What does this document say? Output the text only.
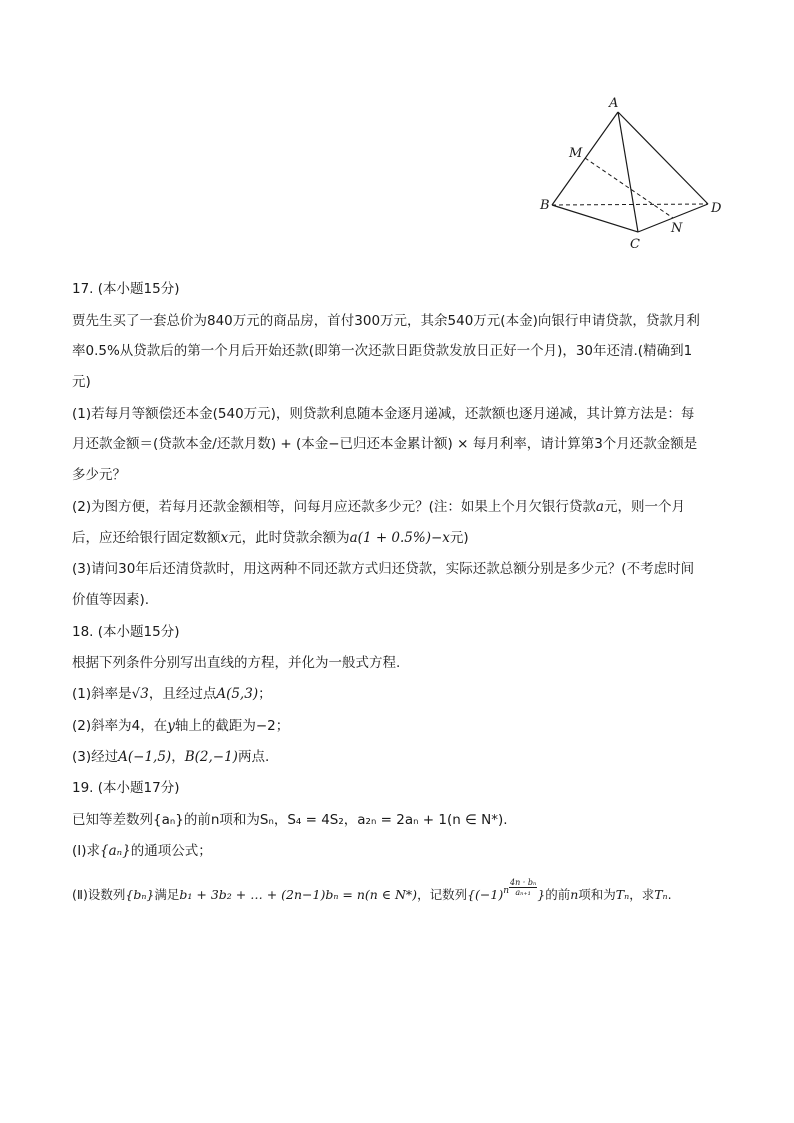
A
B
C
D
M
N
17. (本小题15分)
贾先生买了一套总价为840万元的商品房，首付300万元，其余540万元(本金)向银行申请贷款，贷款月利
率0.5%从贷款后的第一个月后开始还款(即第一次还款日距贷款发放日正好一个月)，30年还清.(精确到1
元)
(1)若每月等额偿还本金(540万元)，则贷款利息随本金逐月递减，还款额也逐月递减，其计算方法是：每
月还款金额＝(贷款本金/还款月数) + (本金−已归还本金累计额) × 每月利率，请计算第3个月还款金额是
多少元？
(2)为图方便，若每月还款金额相等，问每月应还款多少元？(注：如果上个月欠银行贷款a元，则一个月
后，应还给银行固定数额x元，此时贷款余额为a(1 + 0.5%)−x元)
(3)请问30年后还清贷款时，用这两种不同还款方式归还贷款，实际还款总额分别是多少元？(不考虑时间
价值等因素).
18. (本小题15分)
根据下列条件分别写出直线的方程，并化为一般式方程.
(1)斜率是√3，且经过点A(5,3)；
(2)斜率为4，在y轴上的截距为−2；
(3)经过A(−1,5)，B(2,−1)两点.
19. (本小题17分)
已知等差数列{aₙ}的前n项和为Sₙ，S₄ = 4S₂，a₂ₙ = 2aₙ + 1(n ∈ N*).
(Ⅰ)求{aₙ}的通项公式；
(Ⅱ)设数列{bₙ}满足b₁ + 3b₂ + … + (2n−1)bₙ = n(n ∈ N*)，记数列{$(-1)^n \frac{\text{4n · bₙ}}{\text{aₙ₊₁}}$ }的前n项和为Tₙ，求Tₙ.
